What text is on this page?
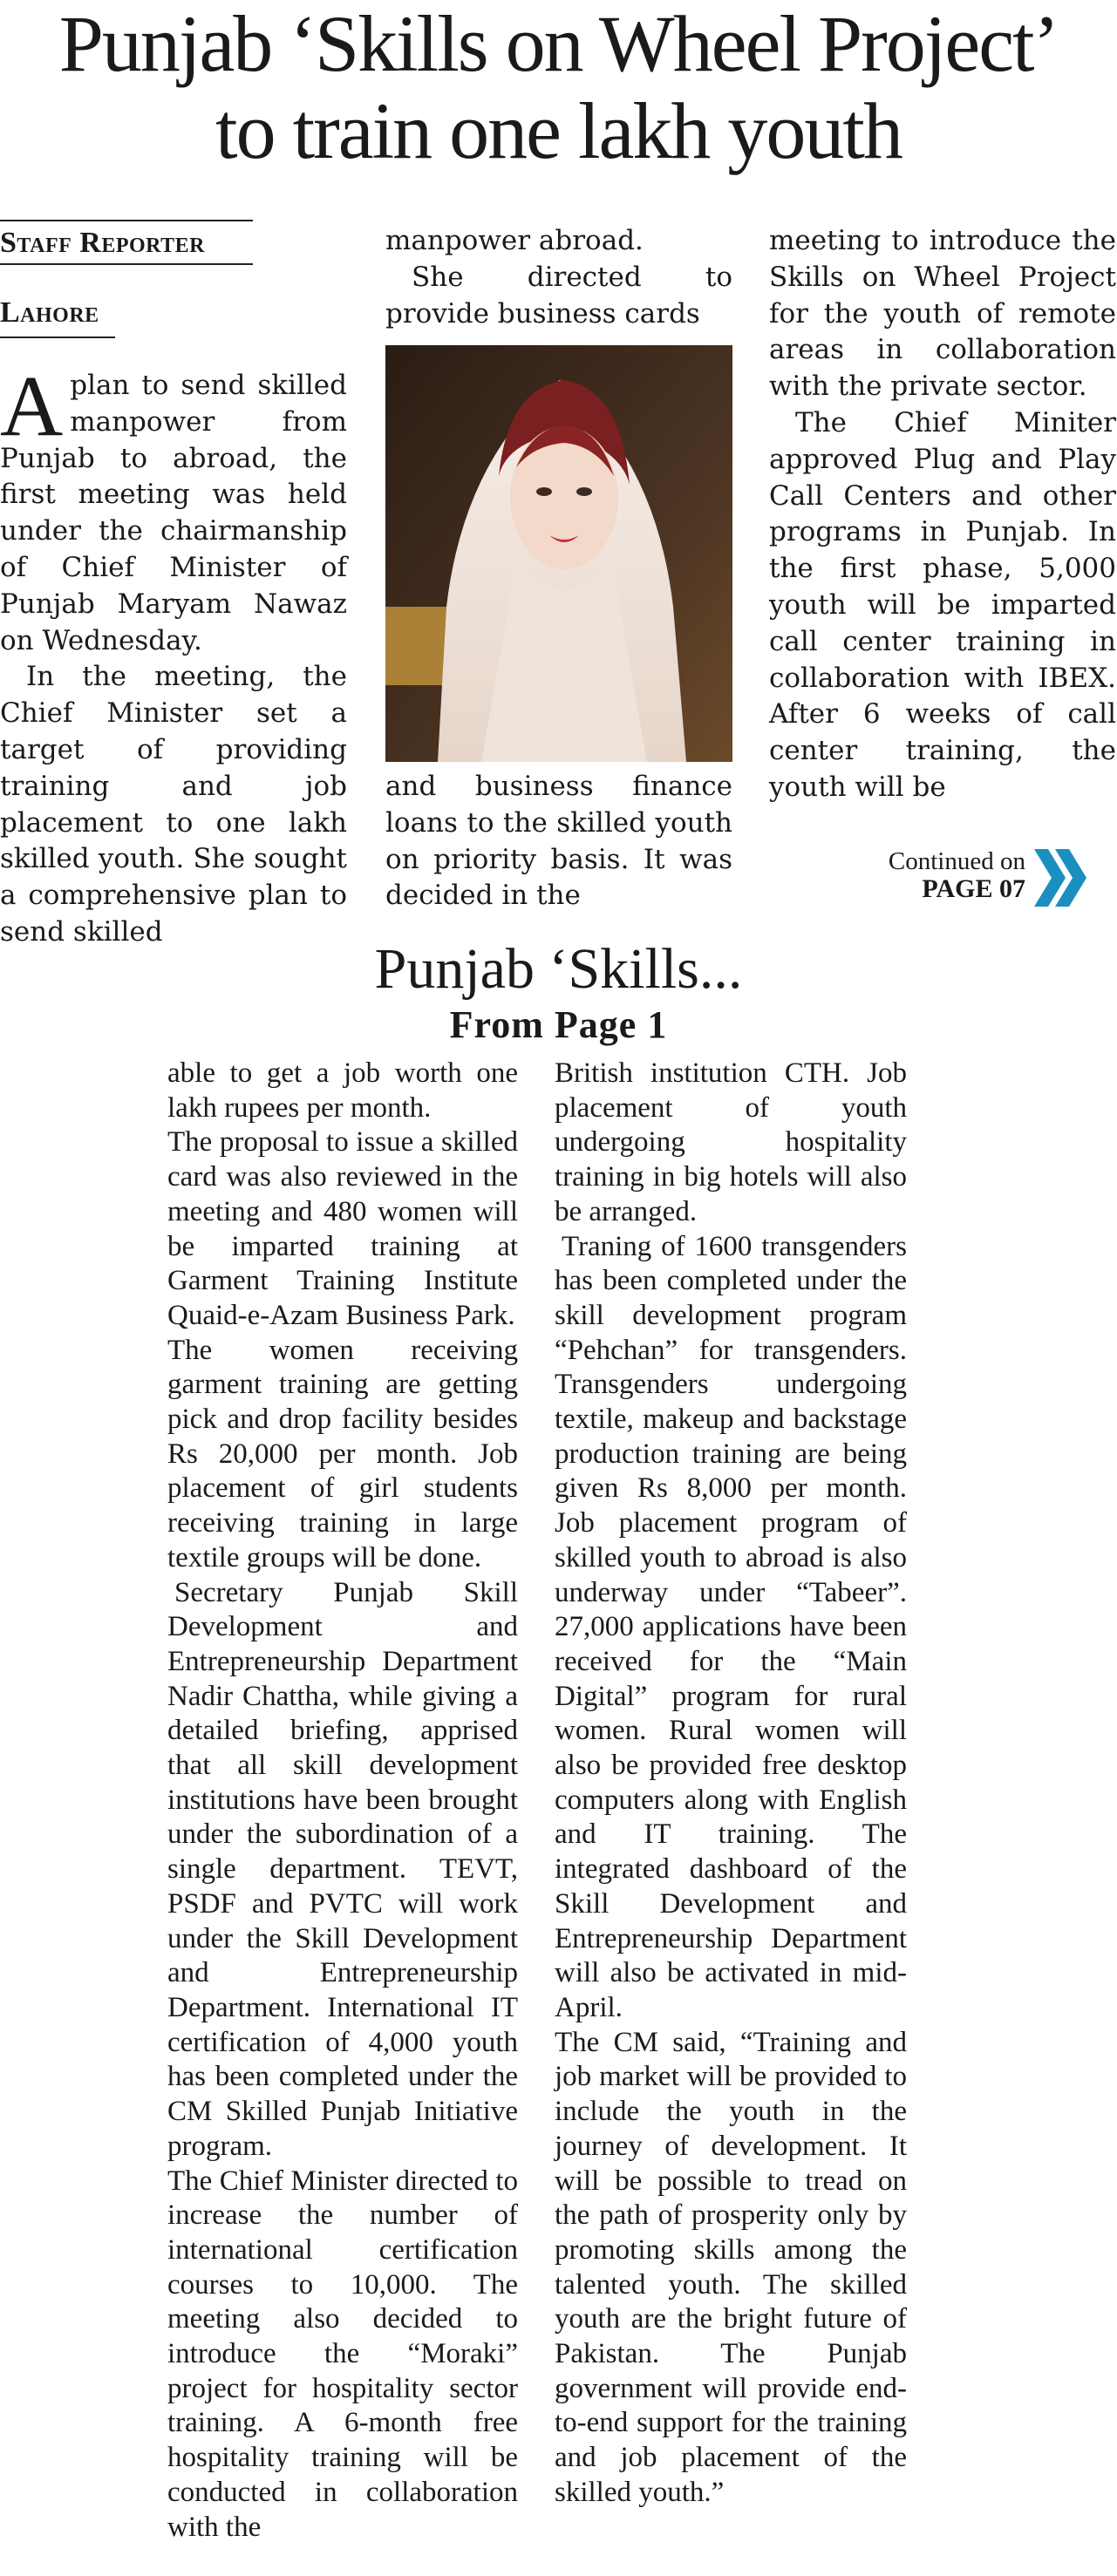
Punjab ‘Skills on Wheel Project’
to train one lakh youth
Staff Reporter
Lahore

Aplan to send skilled manpower from Punjab to abroad, the first meeting was held under the chairmanship of Chief Minister of Punjab Maryam Nawaz on Wednesday.

In the meeting, the Chief Minister set a target of providing training and job placement to one lakh skilled youth. She sought a comprehensive plan to send skilled

manpower abroad.

She directed to provide business cards

and business finance loans to the skilled youth on priority basis. It was decided in the

meeting to introduce the Skills on Wheel Project for the youth of remote areas in collaboration with the private sector.

The Chief Miniter approved Plug and Play Call Centers and other programs in Punjab. In the first phase, 5,000 youth will be imparted call center training in collaboration with IBEX. After 6 weeks of call center training, the youth will be

Continued on
PAGE 07
Punjab ‘Skills...
From Page 1

able to get a job worth one lakh rupees per month.

The proposal to issue a skilled card was also reviewed in the meeting and 480 women will be imparted training at Garment Training Institute Quaid-e-Azam Business Park.

The women receiving garment training are getting pick and drop facility besides Rs 20,000 per month. Job placement of girl students receiving training in large textile groups will be done.

Secretary Punjab Skill Development and Entrepreneurship Department Nadir Chattha, while giving a detailed briefing, apprised that all skill development institutions have been brought under the subordination of a single department. TEVT, PSDF and PVTC will work under the Skill Development and Entrepreneurship Department. International IT certification of 4,000 youth has been completed under the CM Skilled Punjab Initiative program.

The Chief Minister directed to increase the number of international certification courses to 10,000. The meeting also decided to introduce the “Moraki” project for hospitality sector training. A 6-month free hospitality training will be conducted in collaboration with the

British institution CTH. Job placement of youth undergoing hospitality training in big hotels will also be arranged.

Traning of 1600 transgenders has been completed under the skill development program “Pehchan” for transgenders. Transgenders undergoing textile, makeup and backstage production training are being given Rs 8,000 per month. Job placement program of skilled youth to abroad is also underway under “Tabeer”. 27,000 applications have been received for the “Main Digital” program for rural women. Rural women will also be provided free desktop computers along with English and IT training. The integrated dashboard of the Skill Development and Entrepreneurship Department will also be activated in mid-April.

The CM said, “Training and job market will be provided to include the youth in the journey of development. It will be possible to tread on the path of prosperity only by promoting skills among the talented youth. The skilled youth are the bright future of Pakistan. The Punjab government will provide end-to-end support for the training and job placement of the skilled youth.”
